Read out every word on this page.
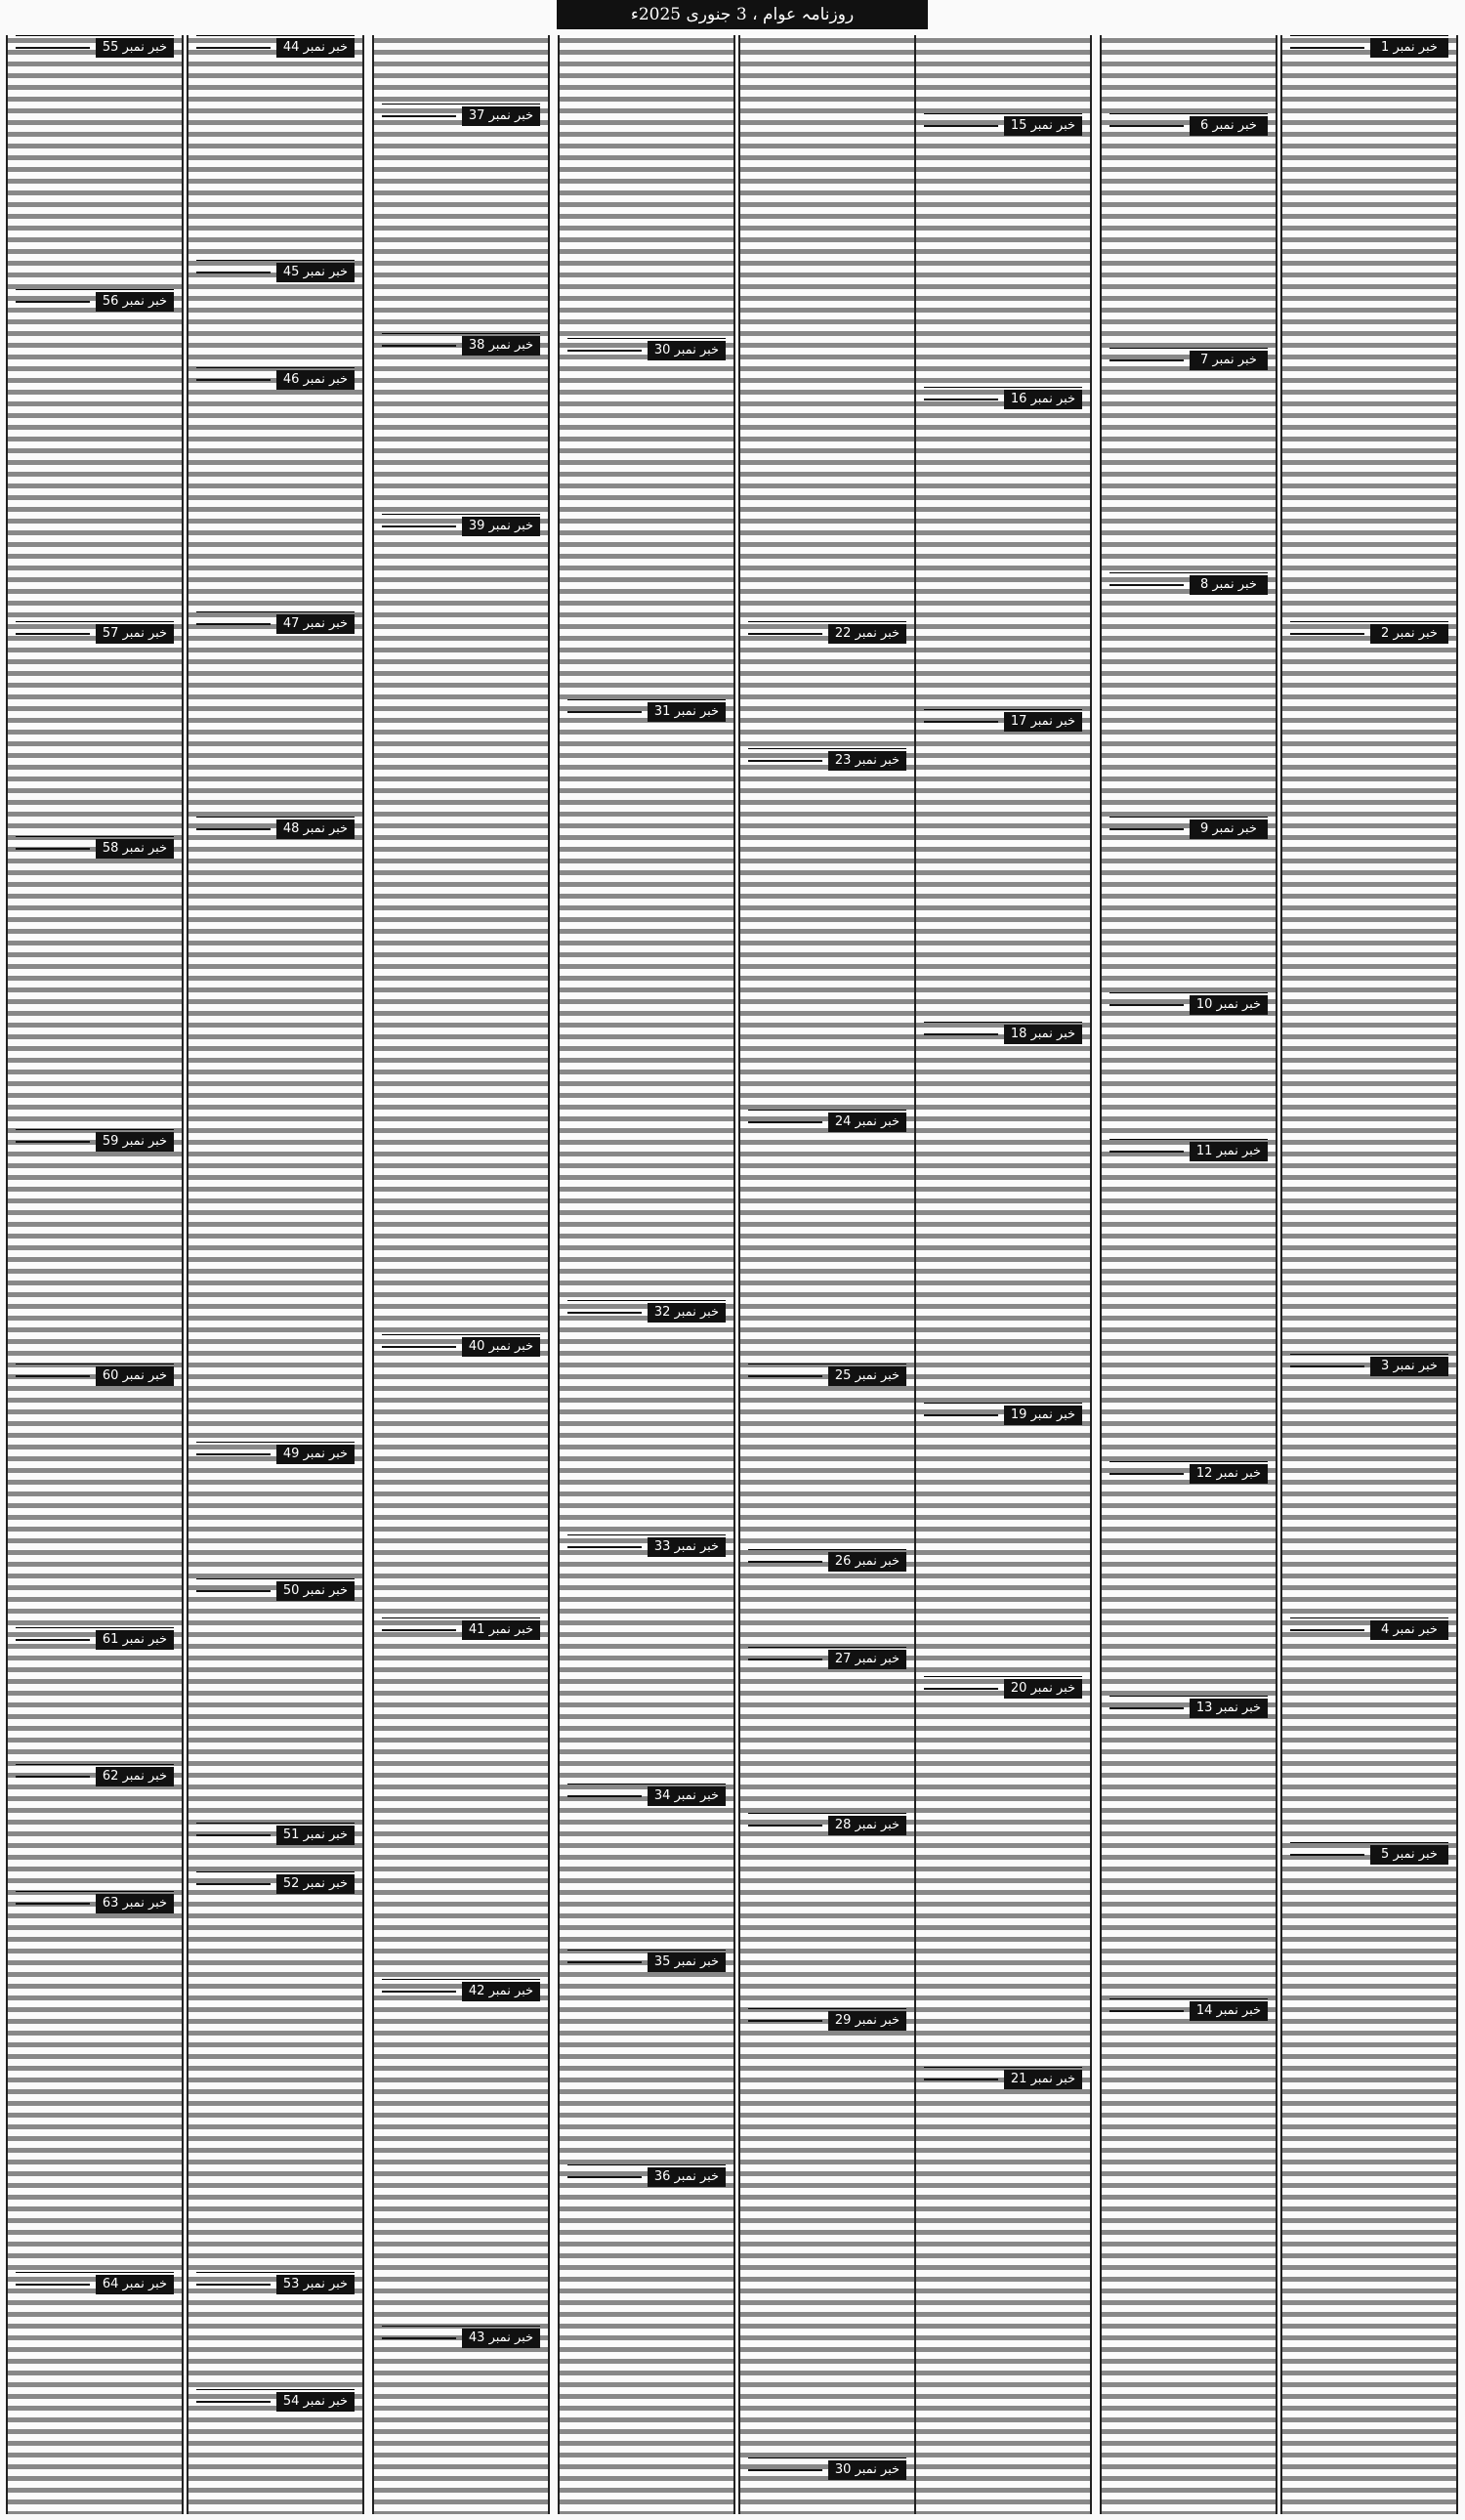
روزنامہ عوام ، 3 جنوری 2025ء
خبر نمبر 1
خبر نمبر 2
خبر نمبر 3
خبر نمبر 4
خبر نمبر 5
خبر نمبر 6
خبر نمبر 7
خبر نمبر 8
خبر نمبر 9
خبر نمبر 10
خبر نمبر 11
خبر نمبر 12
خبر نمبر 13
خبر نمبر 14
خبر نمبر 15
خبر نمبر 16
خبر نمبر 17
خبر نمبر 18
خبر نمبر 19
خبر نمبر 20
خبر نمبر 21
خبر نمبر 22
خبر نمبر 23
خبر نمبر 24
خبر نمبر 25
خبر نمبر 26
خبر نمبر 27
خبر نمبر 28
خبر نمبر 29
خبر نمبر 30
خبر نمبر 30
خبر نمبر 31
خبر نمبر 32
خبر نمبر 33
خبر نمبر 34
خبر نمبر 35
خبر نمبر 36
خبر نمبر 37
خبر نمبر 38
خبر نمبر 39
خبر نمبر 40
خبر نمبر 41
خبر نمبر 42
خبر نمبر 43
خبر نمبر 44
خبر نمبر 45
خبر نمبر 46
خبر نمبر 47
خبر نمبر 48
خبر نمبر 49
خبر نمبر 50
خبر نمبر 51
خبر نمبر 52
خبر نمبر 53
خبر نمبر 54
خبر نمبر 55
خبر نمبر 56
خبر نمبر 57
خبر نمبر 58
خبر نمبر 59
خبر نمبر 60
خبر نمبر 61
خبر نمبر 62
خبر نمبر 63
خبر نمبر 64
